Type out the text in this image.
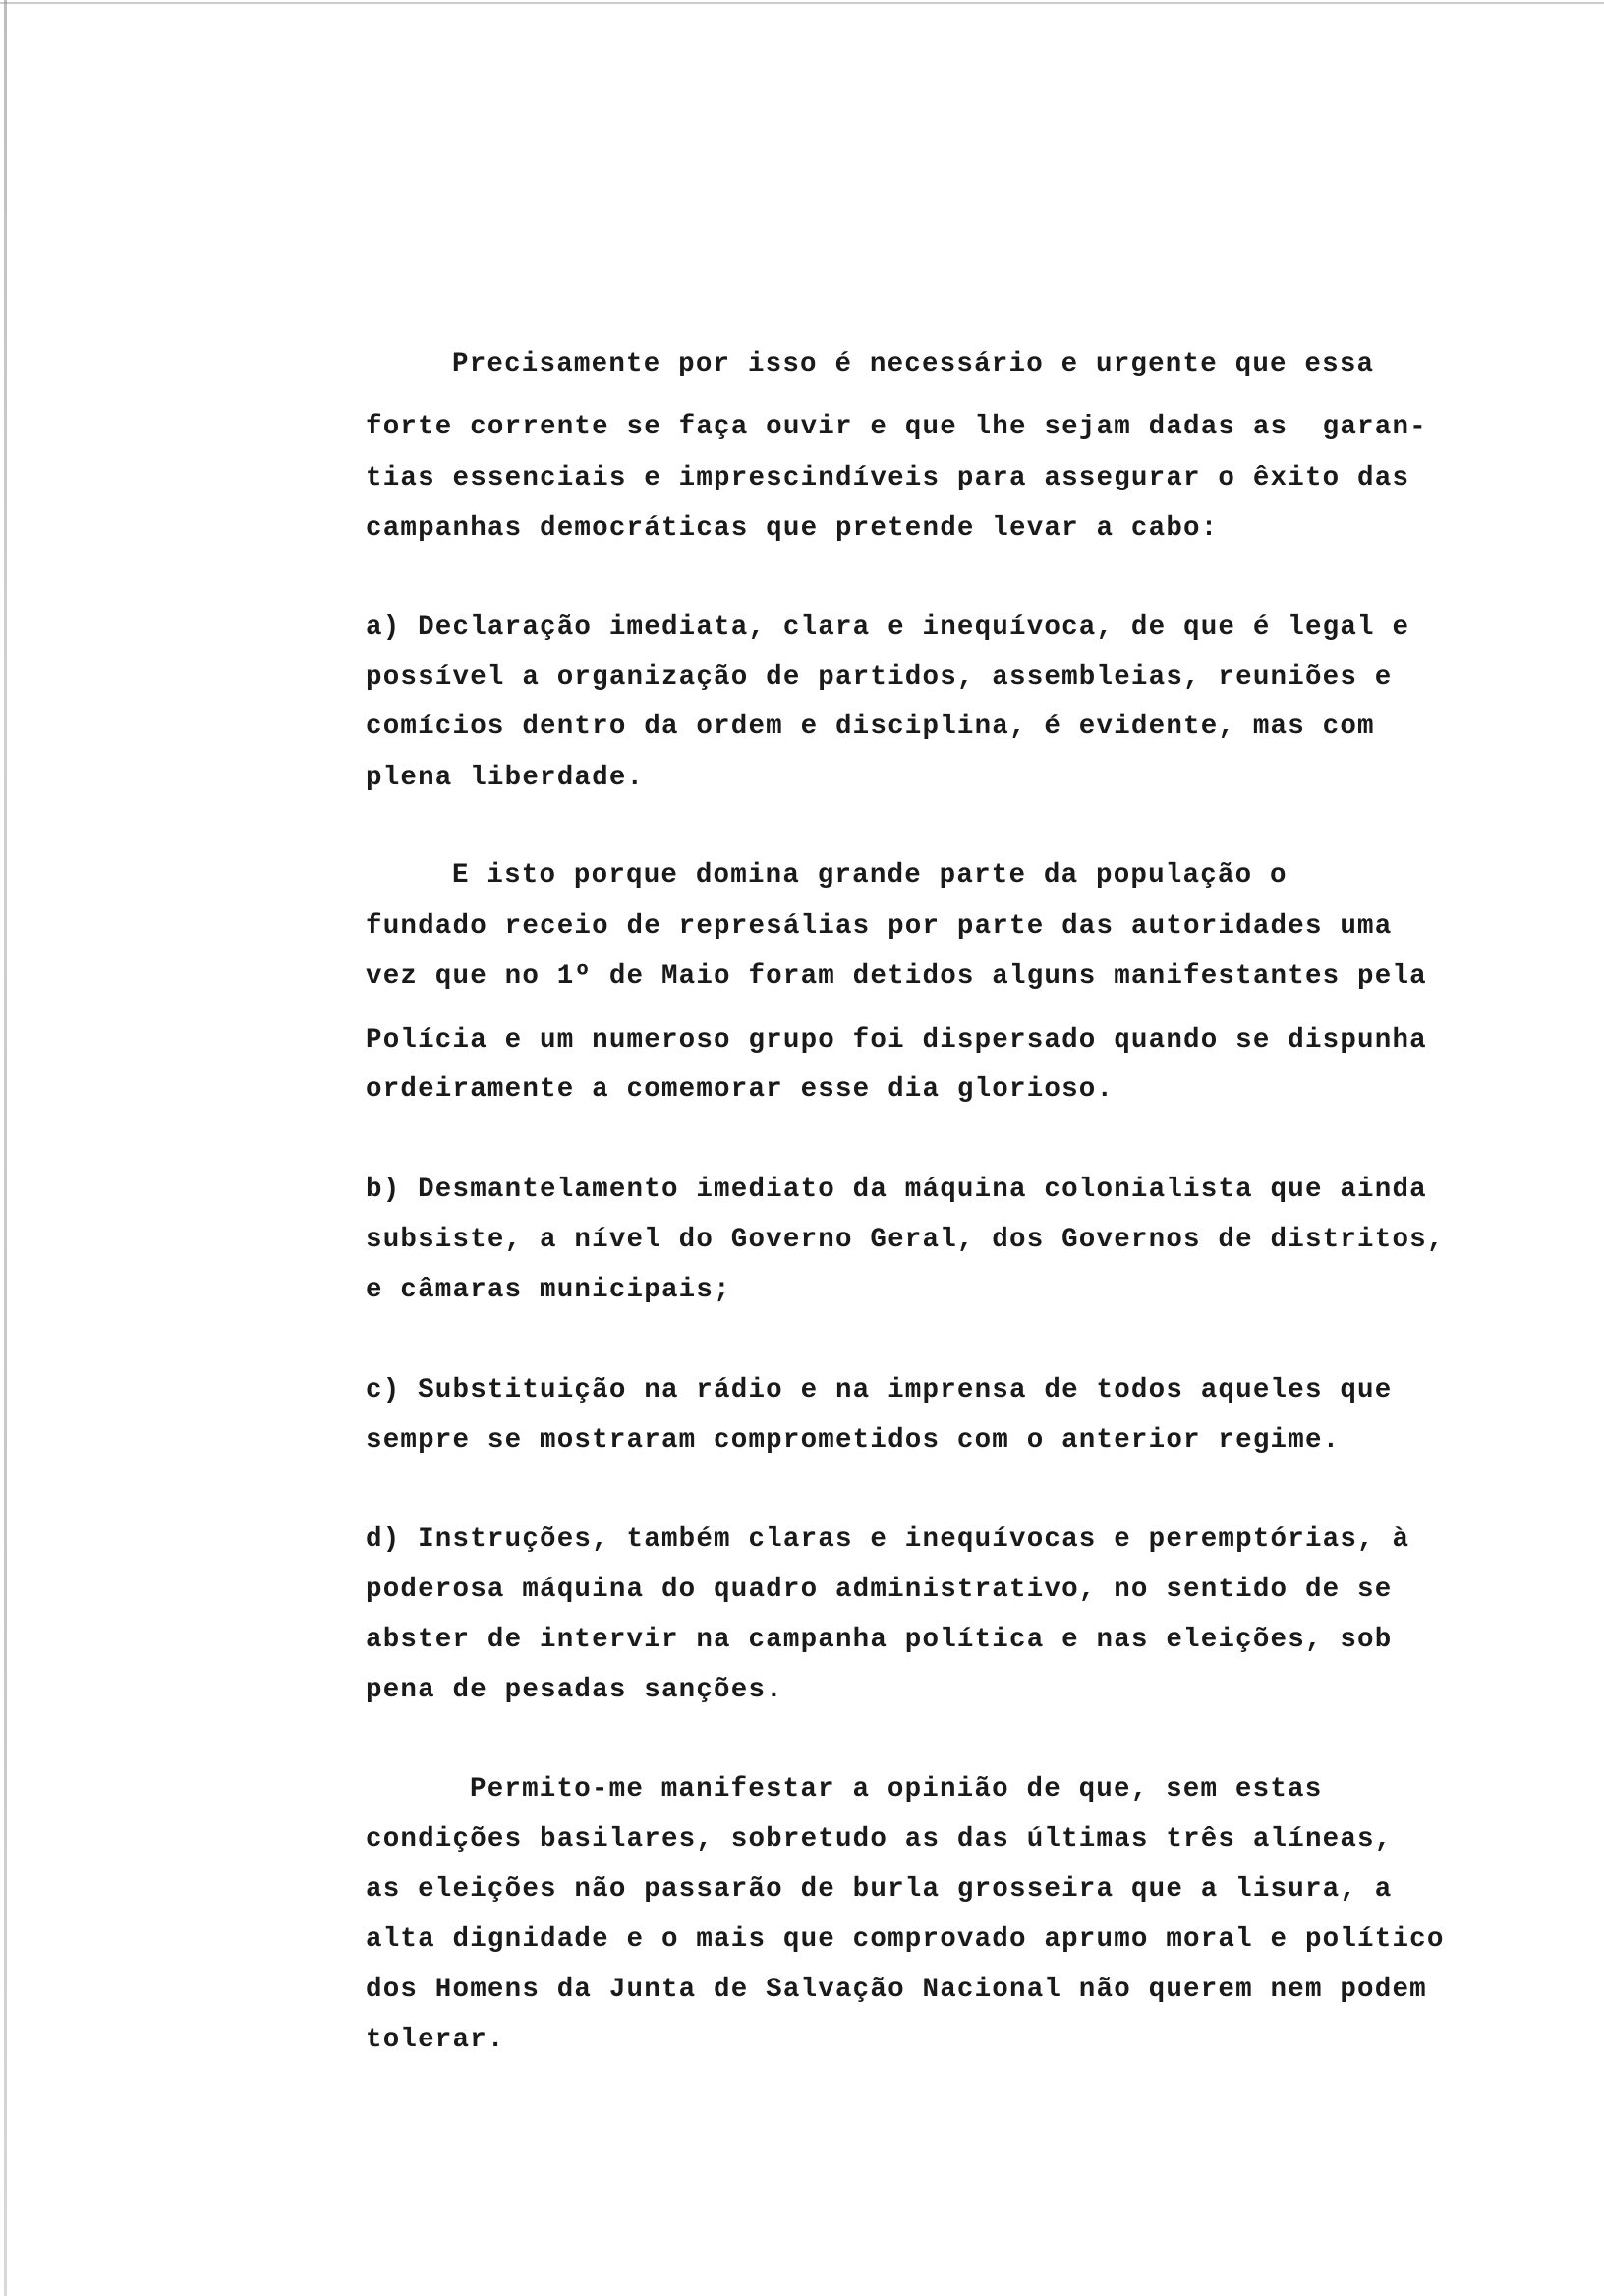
Precisamente por isso é necessário e urgente que essa
forte corrente se faça ouvir e que lhe sejam dadas as  garan-
tias essenciais e imprescindíveis para assegurar o êxito das
campanhas democráticas que pretende levar a cabo:
a) Declaração imediata, clara e inequívoca, de que é legal e
possível a organização de partidos, assembleias, reuniões e
comícios dentro da ordem e disciplina, é evidente, mas com
plena liberdade.
E isto porque domina grande parte da população o
fundado receio de represálias por parte das autoridades uma
vez que no 1º de Maio foram detidos alguns manifestantes pela
Polícia e um numeroso grupo foi dispersado quando se dispunha
ordeiramente a comemorar esse dia glorioso.
b) Desmantelamento imediato da máquina colonialista que ainda
subsiste, a nível do Governo Geral, dos Governos de distritos,
e câmaras municipais;
c) Substituição na rádio e na imprensa de todos aqueles que
sempre se mostraram comprometidos com o anterior regime.
d) Instruções, também claras e inequívocas e peremptórias, à
poderosa máquina do quadro administrativo, no sentido de se
abster de intervir na campanha política e nas eleições, sob
pena de pesadas sanções.
Permito-me manifestar a opinião de que, sem estas
condições basilares, sobretudo as das últimas três alíneas,
as eleições não passarão de burla grosseira que a lisura, a
alta dignidade e o mais que comprovado aprumo moral e político
dos Homens da Junta de Salvação Nacional não querem nem podem
tolerar.
